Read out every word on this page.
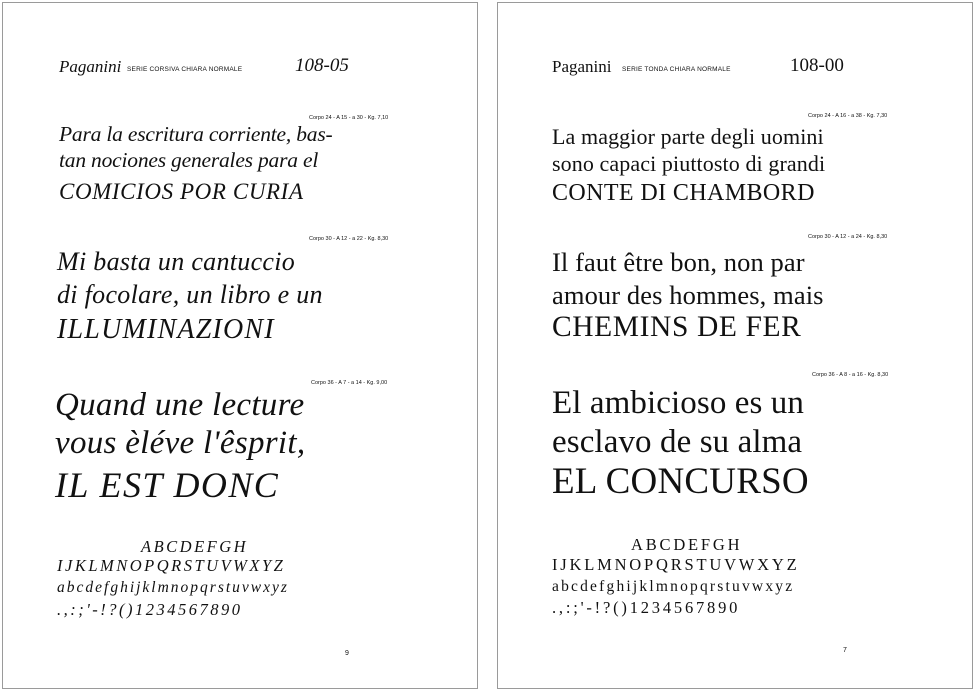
Paganini SERIE CORSIVA CHIARA NORMALE	108-05
Corpo 24 - A 15 - a 30 - Kg. 7,10
Para la escritura corriente, bas-
tan nociones generales para el
COMICIOS POR CURIA
Corpo 30 - A 12 - a 22 - Kg. 8,30
Mi basta un cantuccio
di focolare, un libro e un
ILLUMINAZIONI
Corpo 36 - A 7 - a 14 - Kg. 9,00
Quand une lecture
vous èléve l'êsprit,
IL EST DONC
ABCDEFGH
IJKLMNOPQRSTUVWXYZ
abcdefghijklmnopqrstuvwxyz
.,:;'-!?()1234567890
9
Paganini SERIE TONDA CHIARA NORMALE	108-00
Corpo 24 - A 16 - a 38 - Kg. 7,30
La maggior parte degli uomini
sono capaci piuttosto di grandi
CONTE DI CHAMBORD
Corpo 30 - A 12 - a 24 - Kg. 8,30
Il faut être bon, non par
amour des hommes, mais
CHEMINS DE FER
Corpo 36 - A 8 - a 16 - Kg. 8,30
El ambicioso es un
esclavo de su alma
EL CONCURSO
ABCDEFGH
IJKLMNOPQRSTUVWXYZ
abcdefghijklmnopqrstuvwxyz
.,:;'-!?()1234567890
7
